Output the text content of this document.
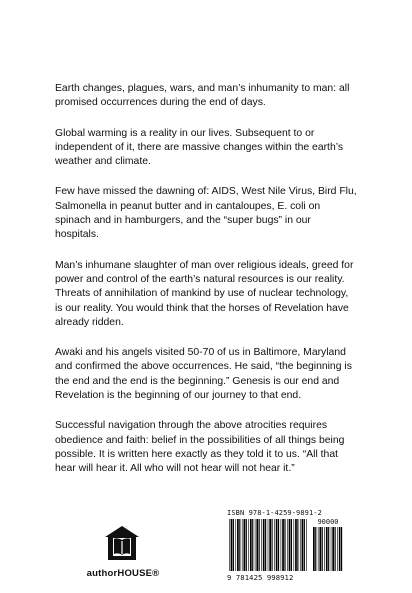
Earth changes, plagues, wars, and man’s inhumanity to man: all promised occurrences during the end of days.

Global warming is a reality in our lives. Subsequent to or independent of it, there are massive changes within the earth’s weather and climate.

Few have missed the dawning of: AIDS, West Nile Virus, Bird Flu, Salmonella in peanut butter and in cantaloupes, E. coli on spinach and in hamburgers, and the “super bugs” in our hospitals.

Man’s inhumane slaughter of man over religious ideals, greed for power and control of the earth’s natural resources is our reality. Threats of annihilation of mankind by use of nuclear technology, is our reality. You would think that the horses of Revelation have already ridden.

Awaki and his angels visited 50-70 of us in Baltimore, Maryland and confirmed the above occurrences. He said, “the beginning is the end and the end is the beginning.” Genesis is our end and Revelation is the beginning of our journey to that end.

Successful navigation through the above atrocities requires obedience and faith: belief in the possibilities of all things being possible. It is written here exactly as they told it to us. “All that hear will hear it. All who will not hear will not hear it.”

authorHOUSE®
ISBN 978-1-4259-9891-2
90000
9 781425 998912
